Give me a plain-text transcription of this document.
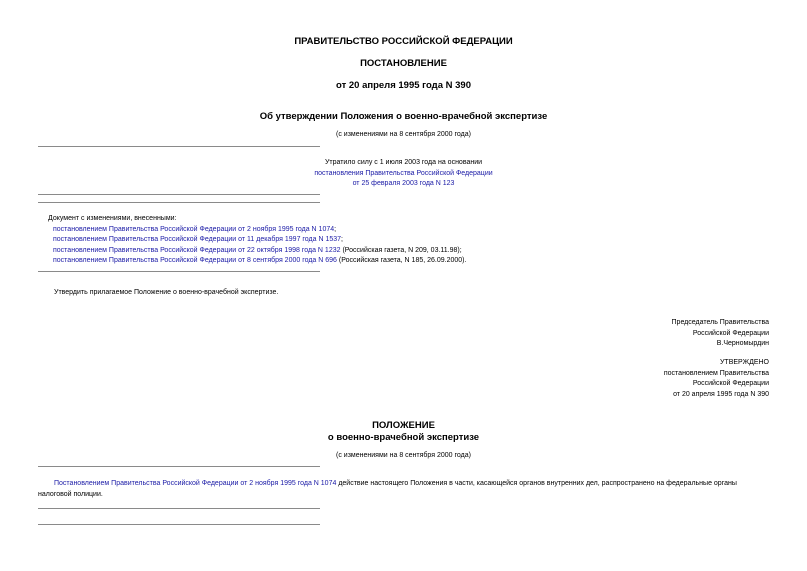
ПРАВИТЕЛЬСТВО РОССИЙСКОЙ ФЕДЕРАЦИИ
ПОСТАНОВЛЕНИЕ
от 20 апреля 1995 года N 390
Об утверждении Положения о военно-врачебной экспертизе
(с изменениями на 8 сентября 2000 года)
Утратило силу с 1 июля 2003 года на основании
постановления Правительства Российской Федерации
от 25 февраля 2003 года N 123
Документ с изменениями, внесенными:
постановлением Правительства Российской Федерации от 2 ноября 1995 года N 1074;
постановлением Правительства Российской Федерации от 11 декабря 1997 года N 1537;
постановлением Правительства Российской Федерации от 22 октября 1998 года N 1232 (Российская газета, N 209, 03.11.98);
постановлением Правительства Российской Федерации от 8 сентября 2000 года N 696 (Российская газета, N 185, 26.09.2000).
Утвердить прилагаемое Положение о военно-врачебной экспертизе.
Председатель Правительства
Российской Федерации
В.Черномырдин
УТВЕРЖДЕНО
постановлением Правительства
Российской Федерации
от 20 апреля 1995 года N 390
ПОЛОЖЕНИЕ
о военно-врачебной экспертизе
(с изменениями на 8 сентября 2000 года)
Постановлением Правительства Российской Федерации от 2 ноября 1995 года N 1074 действие настоящего Положения в части, касающейся органов внутренних дел, распространено на федеральные органы налоговой полиции.
